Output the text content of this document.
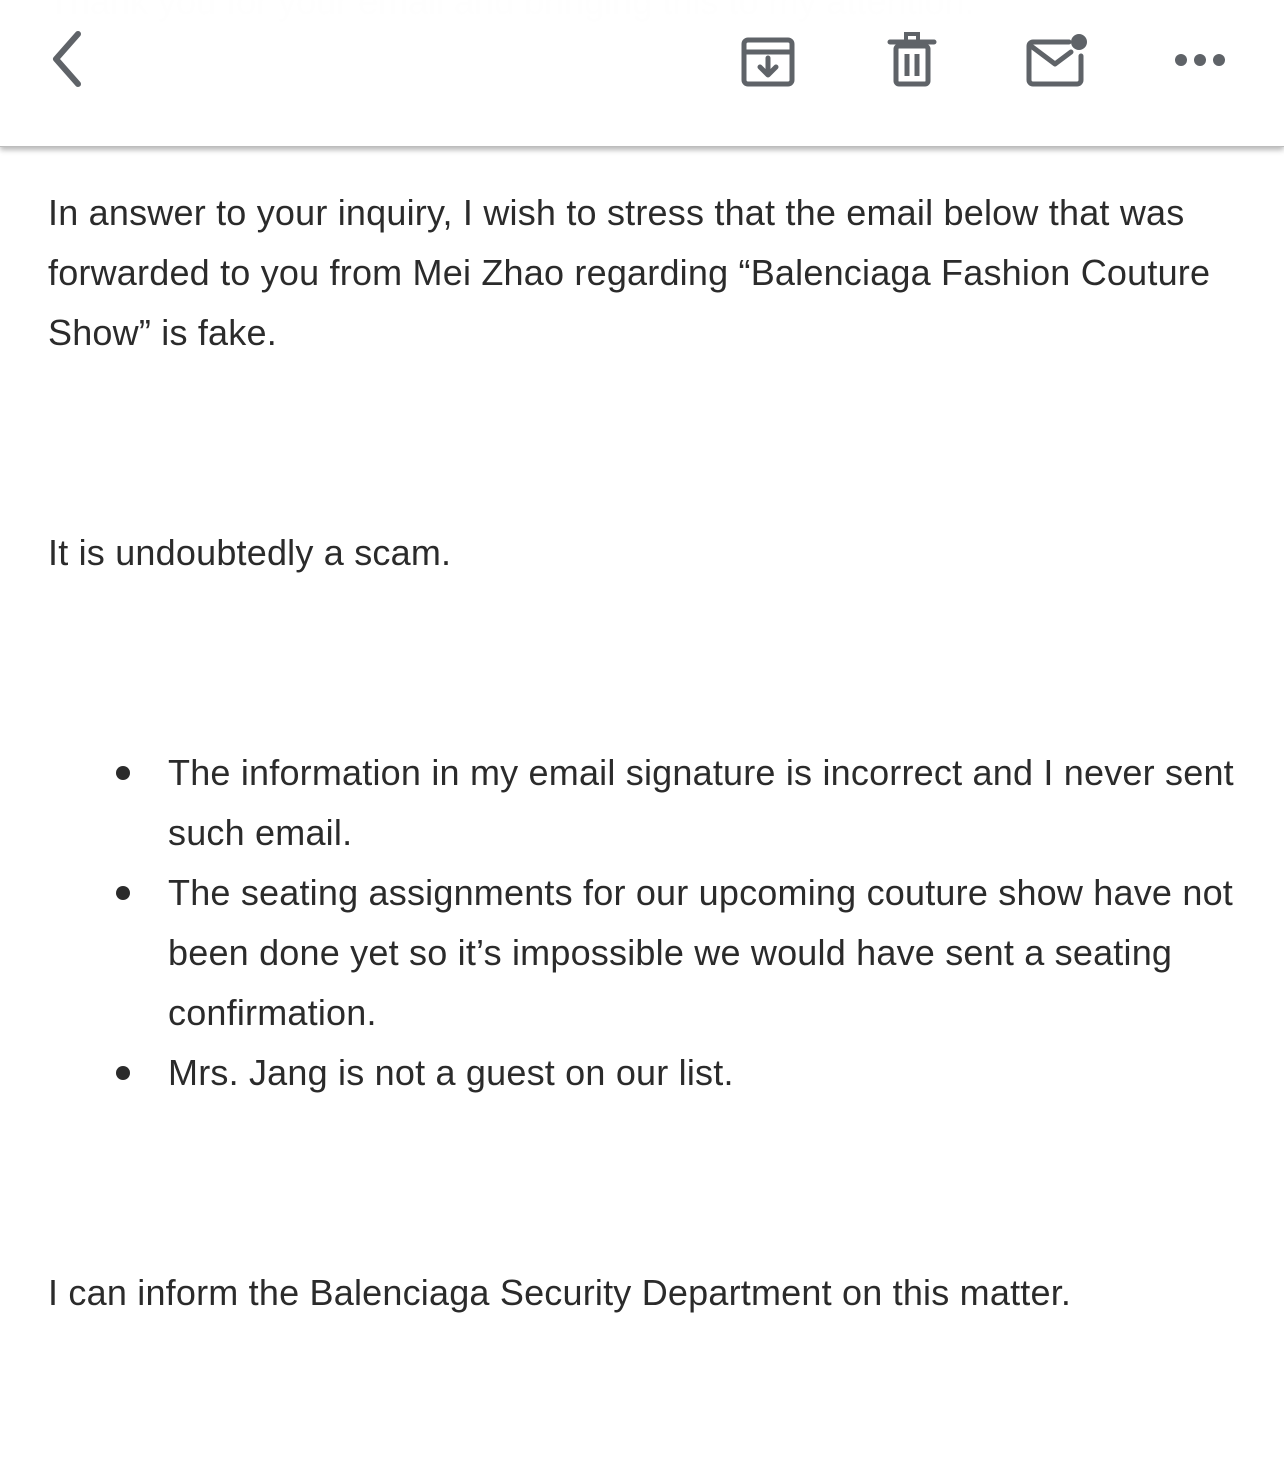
In answer to your inquiry, I wish to stress that the email below that was forwarded to you from Mei Zhao regarding “Balenciaga Fashion Couture Show” is fake.

It is undoubtedly a scam.

The information in my email signature is incorrect and I never sent such email.
The seating assignments for our upcoming couture show have not been done yet so it’s impossible we would have sent a seating confirmation.
Mrs. Jang is not a guest on our list.

I can inform the Balenciaga Security Department on this matter.
